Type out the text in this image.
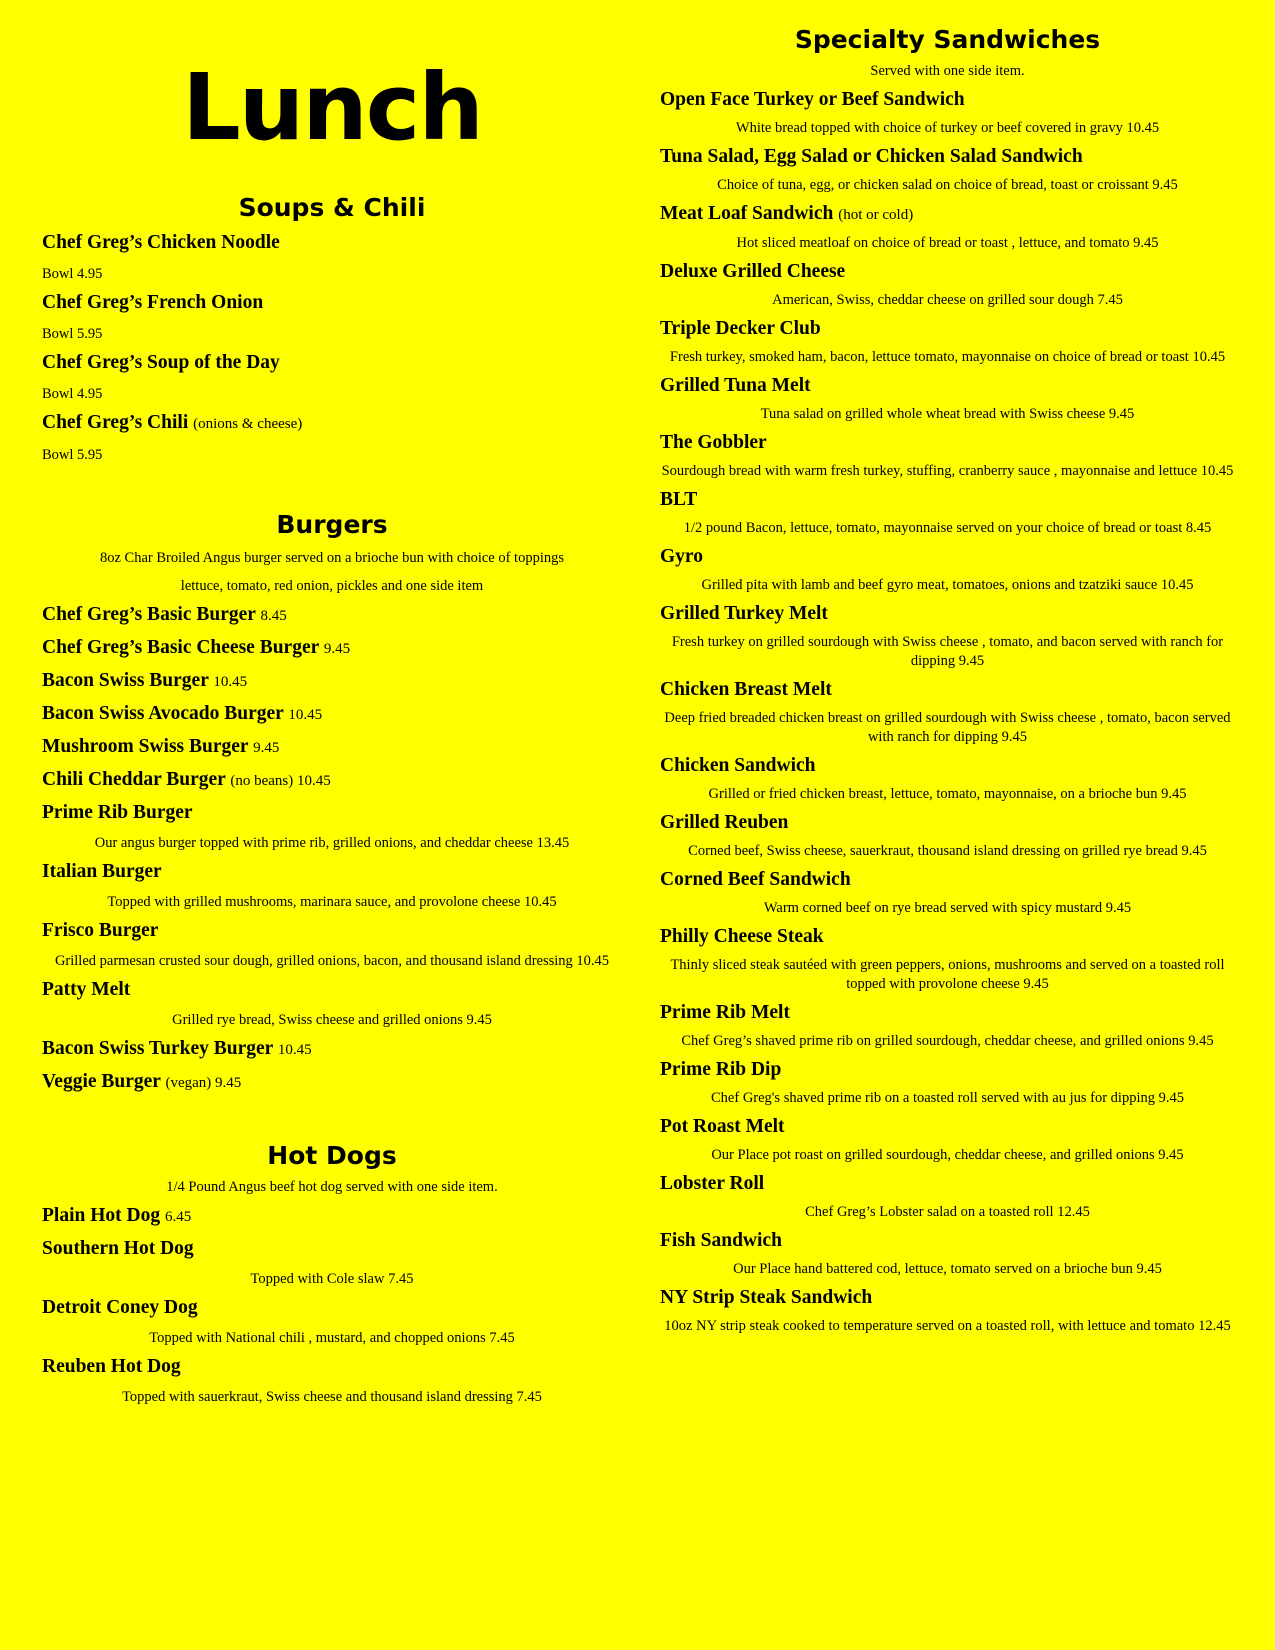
Lunch
Soups & Chili
Chef Greg’s Chicken Noodle
Bowl 4.95
Chef Greg’s French Onion
Bowl 5.95
Chef Greg’s Soup of the Day
Bowl 4.95
Chef Greg’s Chili (onions & cheese)
Bowl 5.95
Burgers
8oz Char Broiled Angus burger served on a brioche bun with choice of toppings
lettuce, tomato, red onion, pickles and one side item
Chef Greg’s Basic Burger 8.45
Chef Greg’s Basic Cheese Burger 9.45
Bacon Swiss Burger 10.45
Bacon Swiss Avocado Burger 10.45
Mushroom Swiss Burger 9.45
Chili Cheddar Burger (no beans) 10.45
Prime Rib Burger
Our angus burger topped with prime rib, grilled onions, and cheddar cheese 13.45
Italian Burger
Topped with grilled mushrooms, marinara sauce, and provolone cheese 10.45
Frisco Burger
Grilled parmesan crusted sour dough, grilled onions, bacon, and thousand island dressing 10.45
Patty Melt
Grilled rye bread, Swiss cheese and grilled onions 9.45
Bacon Swiss Turkey Burger 10.45
Veggie Burger (vegan) 9.45
Hot Dogs
1/4 Pound Angus beef hot dog served with one side item.
Plain Hot Dog 6.45
Southern Hot Dog
Topped with Cole slaw 7.45
Detroit Coney Dog
Topped with National chili , mustard, and chopped onions 7.45
Reuben Hot Dog
Topped with sauerkraut, Swiss cheese and thousand island dressing 7.45
Specialty Sandwiches
Served with one side item.
Open Face Turkey or Beef Sandwich
White bread topped with choice of turkey or beef covered in gravy 10.45
Tuna Salad, Egg Salad or Chicken Salad Sandwich
Choice of tuna, egg, or chicken salad on choice of bread, toast or croissant 9.45
Meat Loaf Sandwich (hot or cold)
Hot sliced meatloaf on choice of bread or toast , lettuce, and tomato 9.45
Deluxe Grilled Cheese
American, Swiss, cheddar cheese on grilled sour dough 7.45
Triple Decker Club
Fresh turkey, smoked ham, bacon, lettuce tomato, mayonnaise on choice of bread or toast 10.45
Grilled Tuna Melt
Tuna salad on grilled whole wheat bread with Swiss cheese 9.45
The Gobbler
Sourdough bread with warm fresh turkey, stuffing, cranberry sauce , mayonnaise and lettuce 10.45
BLT
1/2 pound Bacon, lettuce, tomato, mayonnaise served on your choice of bread or toast 8.45
Gyro
Grilled pita with lamb and beef gyro meat, tomatoes, onions and tzatziki sauce 10.45
Grilled Turkey Melt
Fresh turkey on grilled sourdough with Swiss cheese , tomato, and bacon served with ranch for dipping 9.45
Chicken Breast Melt
Deep fried breaded chicken breast on grilled sourdough with Swiss cheese , tomato, bacon served with ranch for dipping 9.45
Chicken Sandwich
Grilled or fried chicken breast, lettuce, tomato, mayonnaise, on a brioche bun 9.45
Grilled Reuben
Corned beef, Swiss cheese, sauerkraut, thousand island dressing on grilled rye bread 9.45
Corned Beef Sandwich
Warm corned beef on rye bread served with spicy mustard 9.45
Philly Cheese Steak
Thinly sliced steak sautéed with green peppers, onions, mushrooms and served on a toasted roll topped with provolone cheese 9.45
Prime Rib Melt
Chef Greg’s shaved prime rib on grilled sourdough, cheddar cheese, and grilled onions 9.45
Prime Rib Dip
Chef Greg's shaved prime rib on a toasted roll served with au jus for dipping 9.45
Pot Roast Melt
Our Place pot roast on grilled sourdough, cheddar cheese, and grilled onions 9.45
Lobster Roll
Chef Greg’s Lobster salad on a toasted roll 12.45
Fish Sandwich
Our Place hand battered cod, lettuce, tomato served on a brioche bun 9.45
NY Strip Steak Sandwich
10oz NY strip steak cooked to temperature served on a toasted roll, with lettuce and tomato 12.45
